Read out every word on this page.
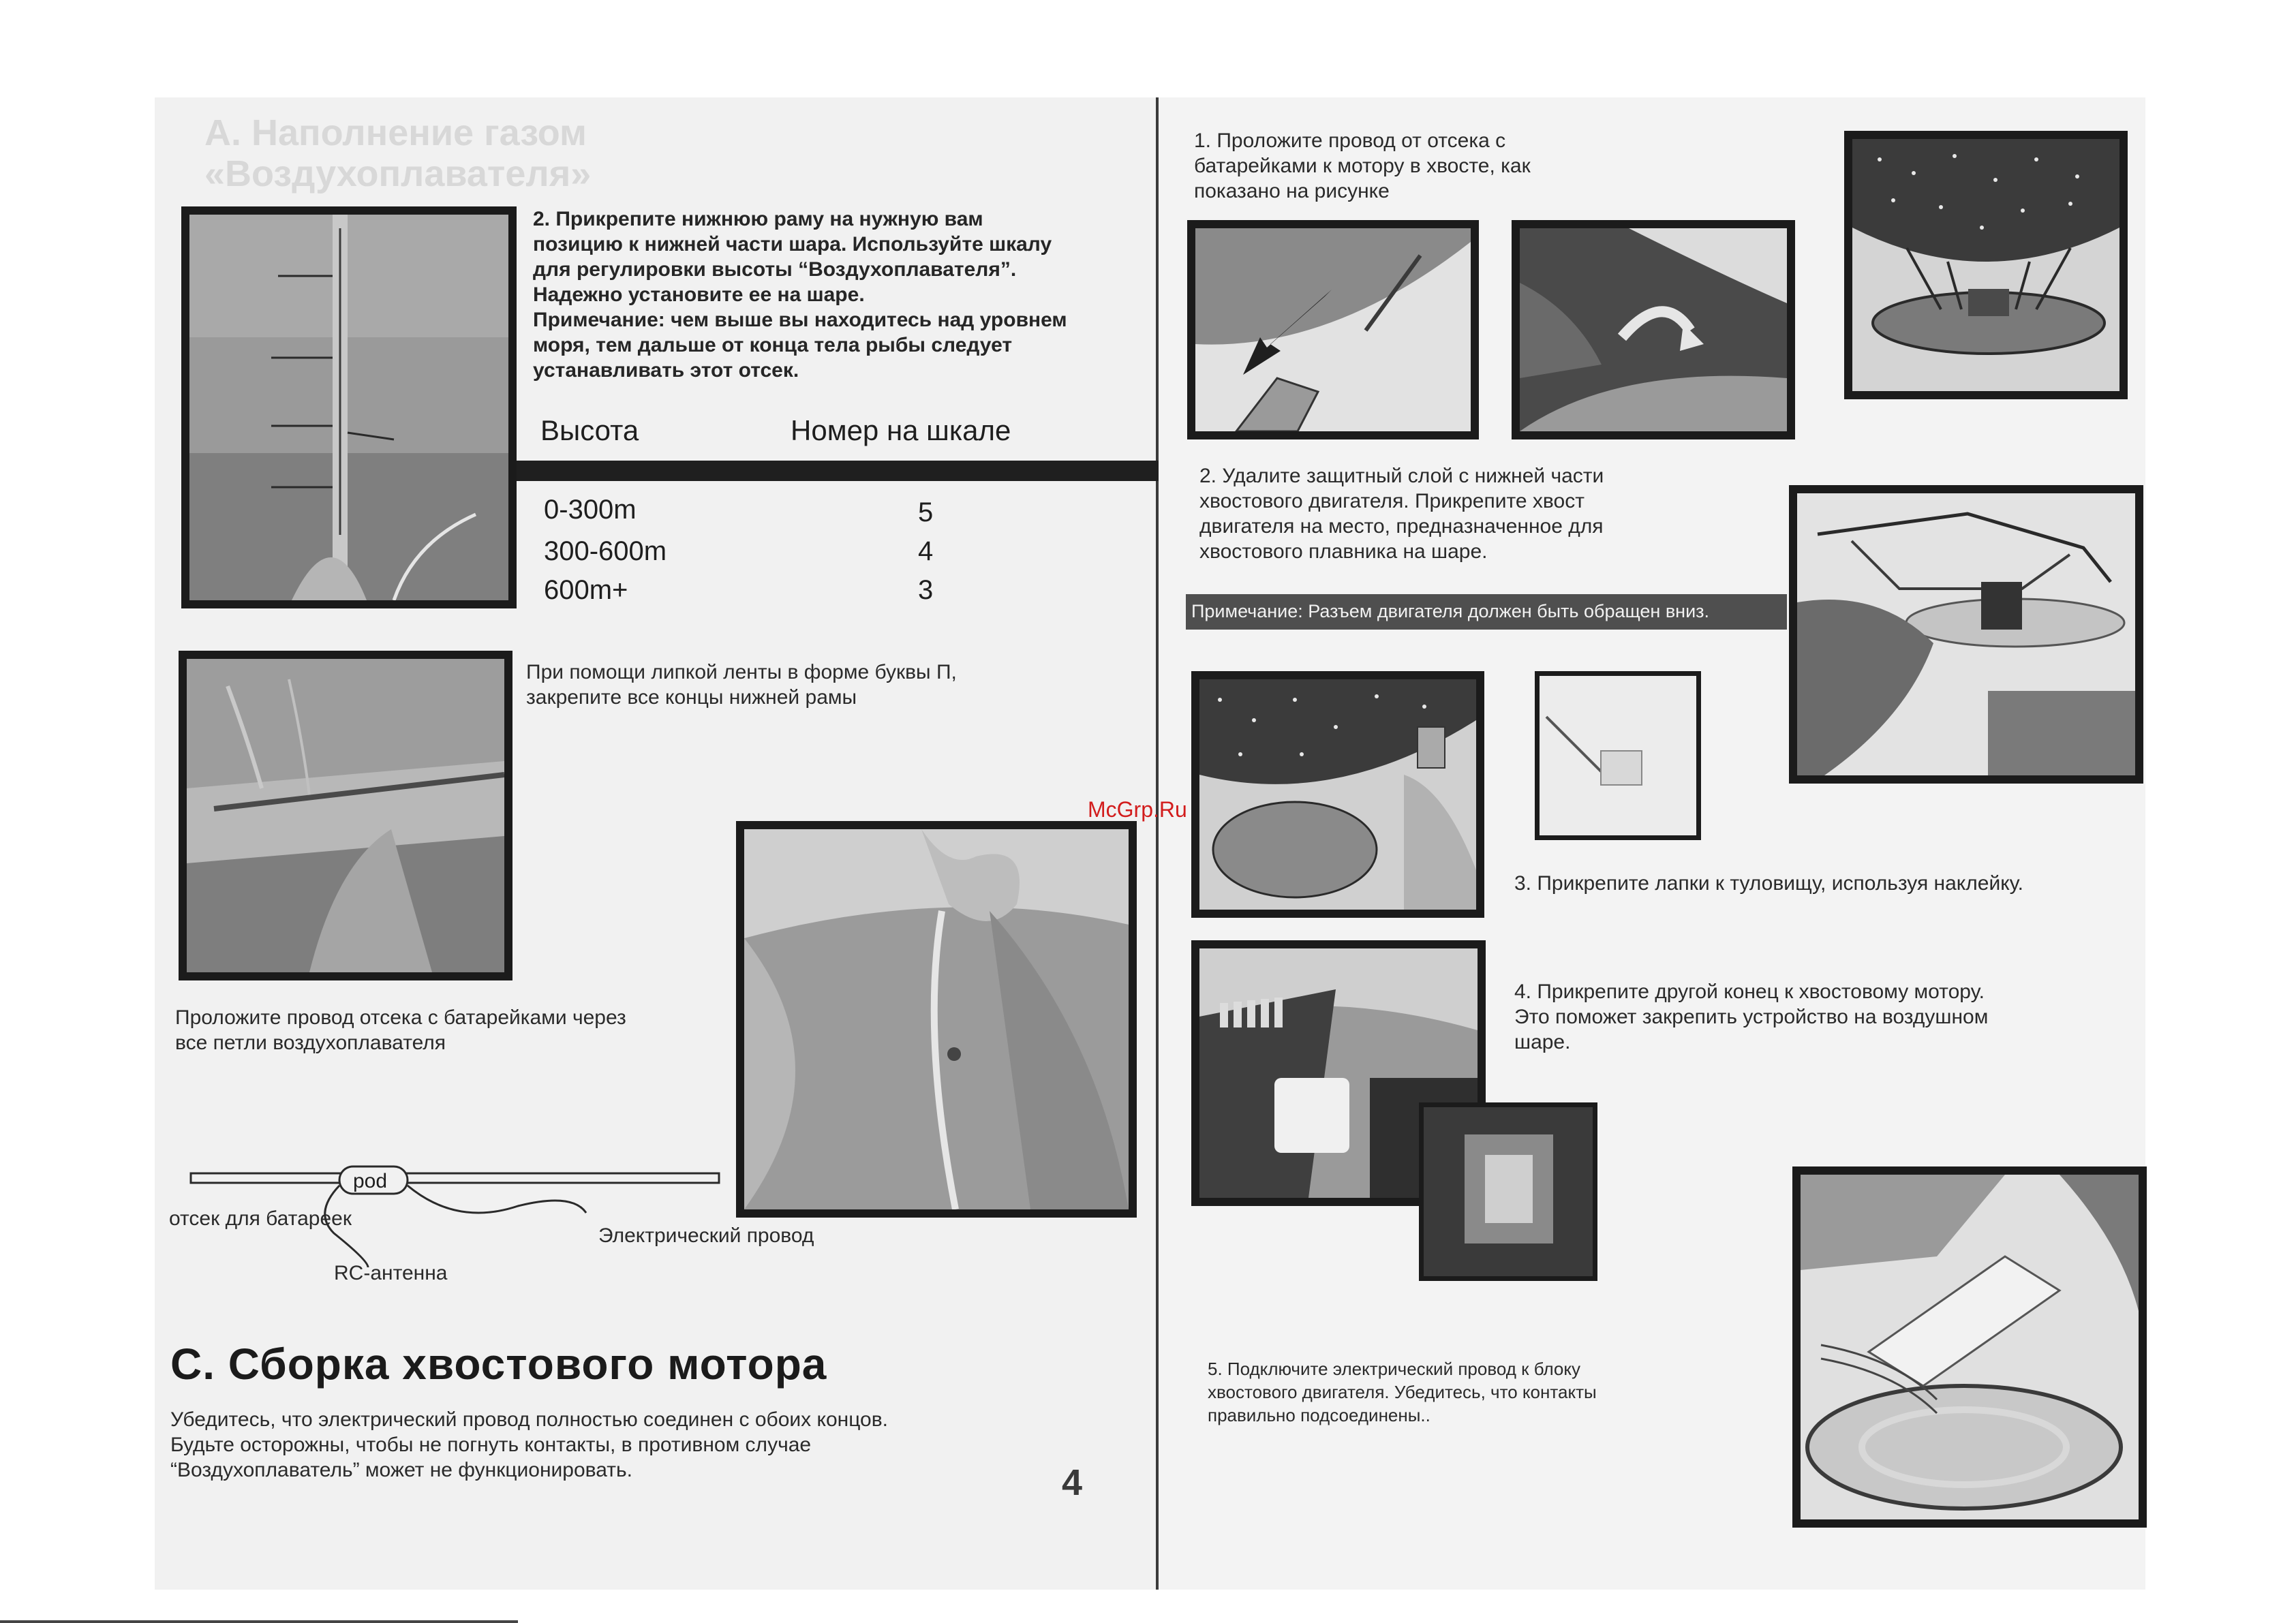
A. Наполнение газом «Воздухоплавателя»
2. Прикрепите нижнюю раму на нужную вам
позицию к нижней части шара. Используйте шкалу
для регулировки высоты “Воздухоплавателя”.
Надежно установите ее на шаре.
Примечание: чем выше вы находитесь над уровнем
моря, тем дальше от конца тела рыбы следует
устанавливать этот отсек.
Высота	Номер на шкале
0-300m	5
300-600m	4
600m+	3
При помощи липкой ленты в форме буквы П,
закрепите все концы нижней рамы
Проложите провод отсека с батарейками через
все петли воздухоплавателя
pod
отсек для батареек
Электрический провод
RC-антенна
C. Сборка хвостового мотора
Убедитесь, что электрический провод полностью соединен с обоих концов.
Будьте осторожны, чтобы не погнуть контакты, в противном случае
“Воздухоплаватель” может не функционировать.	4
McGrp.Ru
1. Проложите провод от отсека с
батарейками к мотору в хвосте, как
показано на рисунке
2. Удалите защитный слой с нижней части
хвостового двигателя. Прикрепите хвост
двигателя на место, предназначенное для
хвостового плавника на шаре.
Примечание: Разъем двигателя должен быть обращен вниз.
3. Прикрепите лапки к туловищу, используя наклейку.
4. Прикрепите другой конец к хвостовому мотору.
Это поможет закрепить устройство на воздушном
шаре.
5. Подключите электрический провод к блоку
хвостового двигателя. Убедитесь, что контакты
правильно подсоединены..
